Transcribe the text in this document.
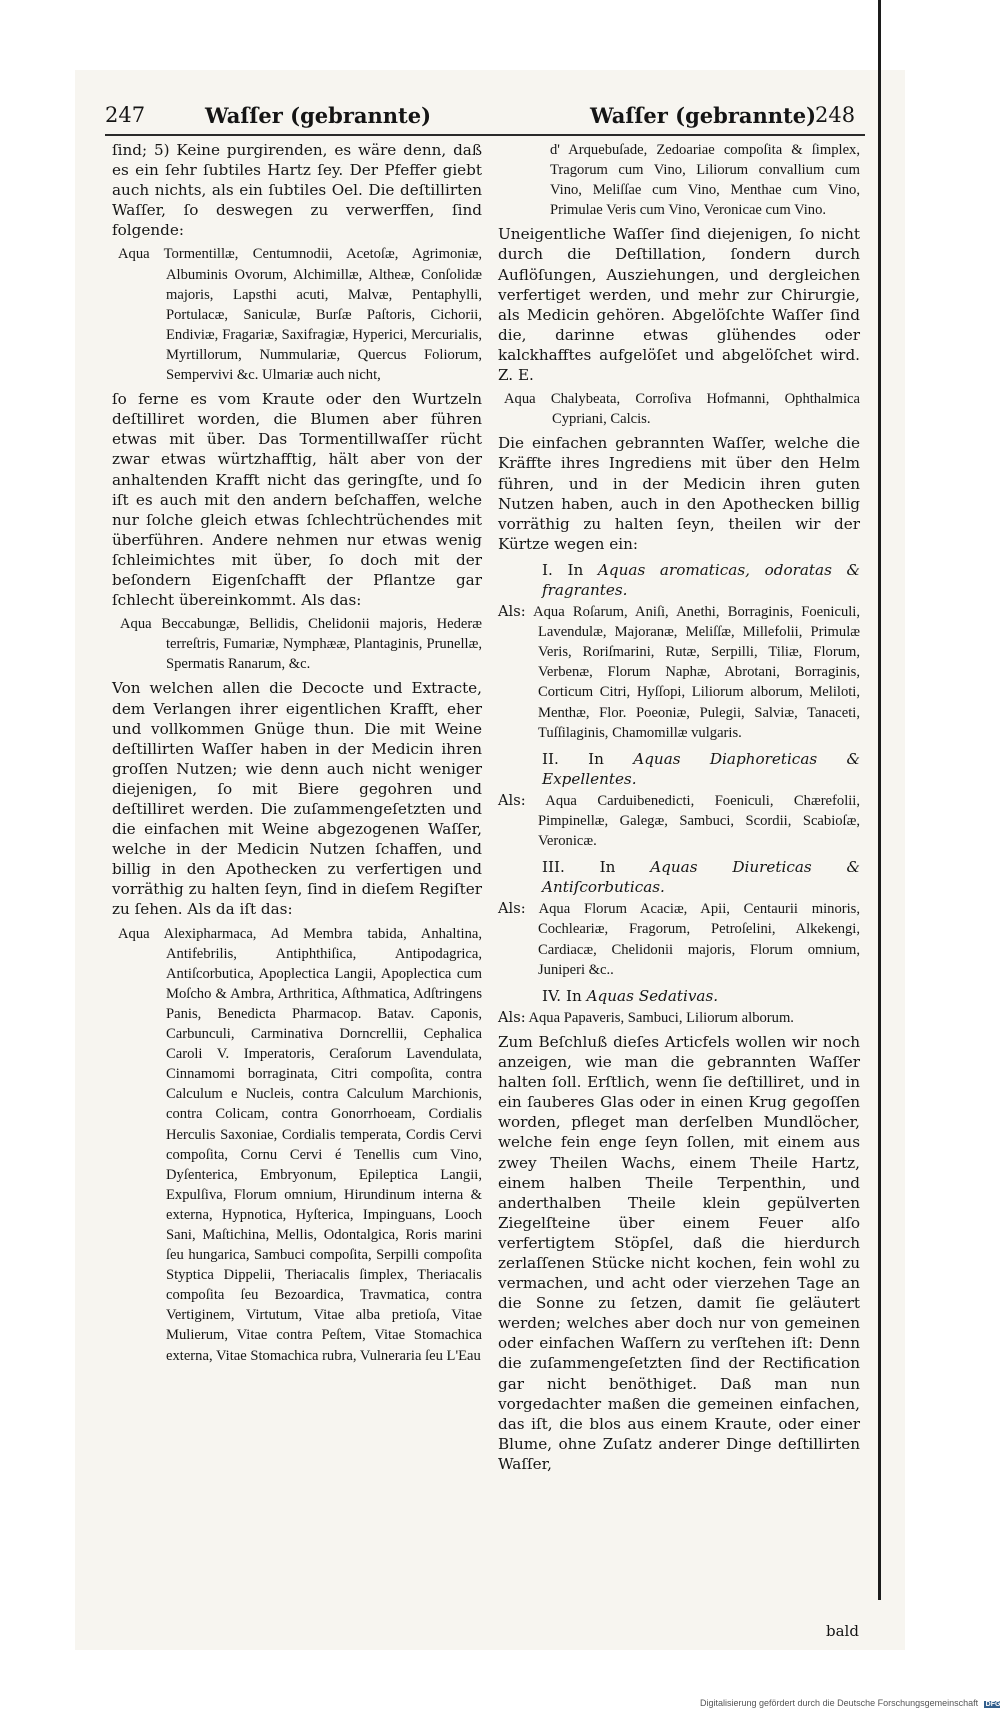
247	Waſſer (gebrannte)	Waſſer (gebrannte)
248

ſind; 5) Keine purgirenden, es wäre denn, daß es ein ſehr ſubtiles Hartz ſey. Der Pfeffer giebt auch nichts, als ein ſubtiles Oel. Die deſtillirten Waſſer, ſo deswegen zu verwerffen, ſind folgende:

Aqua Tormentillæ, Centumnodii, Acetoſæ, Agrimoniæ, Albuminis Ovorum, Alchimillæ, Altheæ, Conſolidæ majoris, Lapsthi acuti, Malvæ, Pentaphylli, Portulacæ, Saniculæ, Burſæ Paſtoris, Cichorii, Endiviæ, Fragariæ, Saxifragiæ, Hyperici, Mercurialis, Myrtillorum, Nummulariæ, Quercus Foliorum, Sempervivi &c. Ulmariæ auch nicht,

ſo ferne es vom Kraute oder den Wurtzeln deſtilliret worden, die Blumen aber führen etwas mit über. Das Tormentillwaſſer rücht zwar etwas würtzhafftig, hält aber von der anhaltenden Krafft nicht das geringſte, und ſo iſt es auch mit den andern beſchaffen, welche nur ſolche gleich etwas ſchlechtrüchendes mit überführen. Andere nehmen nur etwas wenig ſchleimichtes mit über, ſo doch mit der beſondern Eigenſchafft der Pflantze gar ſchlecht übereinkommt. Als das:

Aqua Beccabungæ, Bellidis, Chelidonii majoris, Hederæ terreſtris, Fumariæ, Nymphææ, Plantaginis, Prunellæ, Spermatis Ranarum, &c.

Von welchen allen die Decocte und Extracte, dem Verlangen ihrer eigentlichen Krafft, eher und vollkommen Gnüge thun. Die mit Weine deſtillirten Waſſer haben in der Medicin ihren groſſen Nutzen; wie denn auch nicht weniger diejenigen, ſo mit Biere gegohren und deſtilliret werden. Die zuſammengeſetzten und die einfachen mit Weine abgezogenen Waſſer, welche in der Medicin Nutzen ſchaffen, und billig in den Apothecken zu verfertigen und vorräthig zu halten ſeyn, ſind in dieſem Regiſter zu ſehen. Als da iſt das:

Aqua Alexipharmaca, Ad Membra tabida, Anhaltina, Antifebrilis, Antiphthiſica, Antipodagrica, Antiſcorbutica, Apoplectica Langii, Apoplectica cum Moſcho & Ambra, Arthritica, Aſthmatica, Adſtringens Panis, Benedicta Pharmacop. Batav. Caponis, Carbunculi, Carminativa Dorncrellii, Cephalica Caroli V. Imperatoris, Ceraſorum Lavendulata, Cinnamomi borraginata, Citri compoſita, contra Calculum e Nucleis, contra Calculum Marchionis, contra Colicam, contra Gonorrhoeam, Cordialis Herculis Saxoniae, Cordialis temperata, Cordis Cervi compoſita, Cornu Cervi é Tenellis cum Vino, Dyſenterica, Embryonum, Epileptica Langii, Expulſiva, Florum omnium, Hirundinum interna & externa, Hypnotica, Hyſterica, Impinguans, Looch Sani, Maſtichina, Mellis, Odontalgica, Roris marini ſeu hungarica, Sambuci compoſita, Serpilli compoſita Styptica Dippelii, Theriacalis ſimplex, Theriacalis compoſita ſeu Bezoardica, Travmatica, contra Vertiginem, Virtutum, Vitae alba pretioſa, Vitae Mulierum, Vitae contra Peſtem, Vitae Stomachica externa, Vitae Stomachica rubra, Vulneraria ſeu L'Eau

d' Arquebuſade, Zedoariae compoſita & ſimplex, Tragorum cum Vino, Liliorum convallium cum Vino, Meliſſae cum Vino, Menthae cum Vino, Primulae Veris cum Vino, Veronicae cum Vino.

Uneigentliche Waſſer ſind diejenigen, ſo nicht durch die Deſtillation, ſondern durch Auflöſungen, Ausziehungen, und dergleichen verfertiget werden, und mehr zur Chirurgie, als Medicin gehören. Abgelöſchte Waſſer ſind die, darinne etwas glühendes oder kalckhafftes aufgelöſet und abgelöſchet wird. Z. E.

Aqua Chalybeata, Corroſiva Hofmanni, Ophthalmica Cypriani, Calcis.

Die einfachen gebrannten Waſſer, welche die Kräffte ihres Ingrediens mit über den Helm führen, und in der Medicin ihren guten Nutzen haben, auch in den Apothecken billig vorräthig zu halten ſeyn, theilen wir der Kürtze wegen ein:

I. In Aquas aromaticas, odoratas & fragrantes.

Als: Aqua Roſarum, Aniſi, Anethi, Borraginis, Foeniculi, Lavendulæ, Majoranæ, Meliſſæ, Millefolii, Primulæ Veris, Roriſmarini, Rutæ, Serpilli, Tiliæ, Florum, Verbenæ, Florum Naphæ, Abrotani, Borraginis, Corticum Citri, Hyſſopi, Liliorum alborum, Meliloti, Menthæ, Flor. Poeoniæ, Pulegii, Salviæ, Tanaceti, Tuſſilaginis, Chamomillæ vulgaris.

II. In Aquas Diaphoreticas & Expellentes.

Als: Aqua Carduibenedicti, Foeniculi, Chærefolii, Pimpinellæ, Galegæ, Sambuci, Scordii, Scabioſæ, Veronicæ.

III. In Aquas Diureticas & Antiſcorbuticas.

Als: Aqua Florum Acaciæ, Apii, Centaurii minoris, Cochleariæ, Fragorum, Petroſelini, Alkekengi, Cardiacæ, Chelidonii majoris, Florum omnium, Juniperi &c..

IV. In Aquas Sedativas.

Als: Aqua Papaveris, Sambuci, Liliorum alborum.

Zum Beſchluß dieſes Articfels wollen wir noch anzeigen, wie man die gebrannten Waſſer halten ſoll. Erſtlich, wenn ſie deſtilliret, und in ein ſauberes Glas oder in einen Krug gegoſſen worden, pfleget man derſelben Mundlöcher, welche fein enge ſeyn ſollen, mit einem aus zwey Theilen Wachs, einem Theile Hartz, einem halben Theile Terpenthin, und anderthalben Theile klein gepülverten Ziegelſteine über einem Feuer alſo verfertigtem Stöpſel, daß die hierdurch zerlaſſenen Stücke nicht kochen, fein wohl zu vermachen, und acht oder vierzehen Tage an die Sonne zu ſetzen, damit ſie geläutert werden; welches aber doch nur von gemeinen oder einfachen Waſſern zu verſtehen iſt: Denn die zuſammengeſetzten ſind der Rectification gar nicht benöthiget. Daß man nun vorgedachter maßen die gemeinen einfachen, das iſt, die blos aus einem Kraute, oder einer Blume, ohne Zuſatz anderer Dinge deſtillirten Waſſer,

bald
Digitalisierung gefördert durch die Deutsche Forschungsgemeinschaft DFG
